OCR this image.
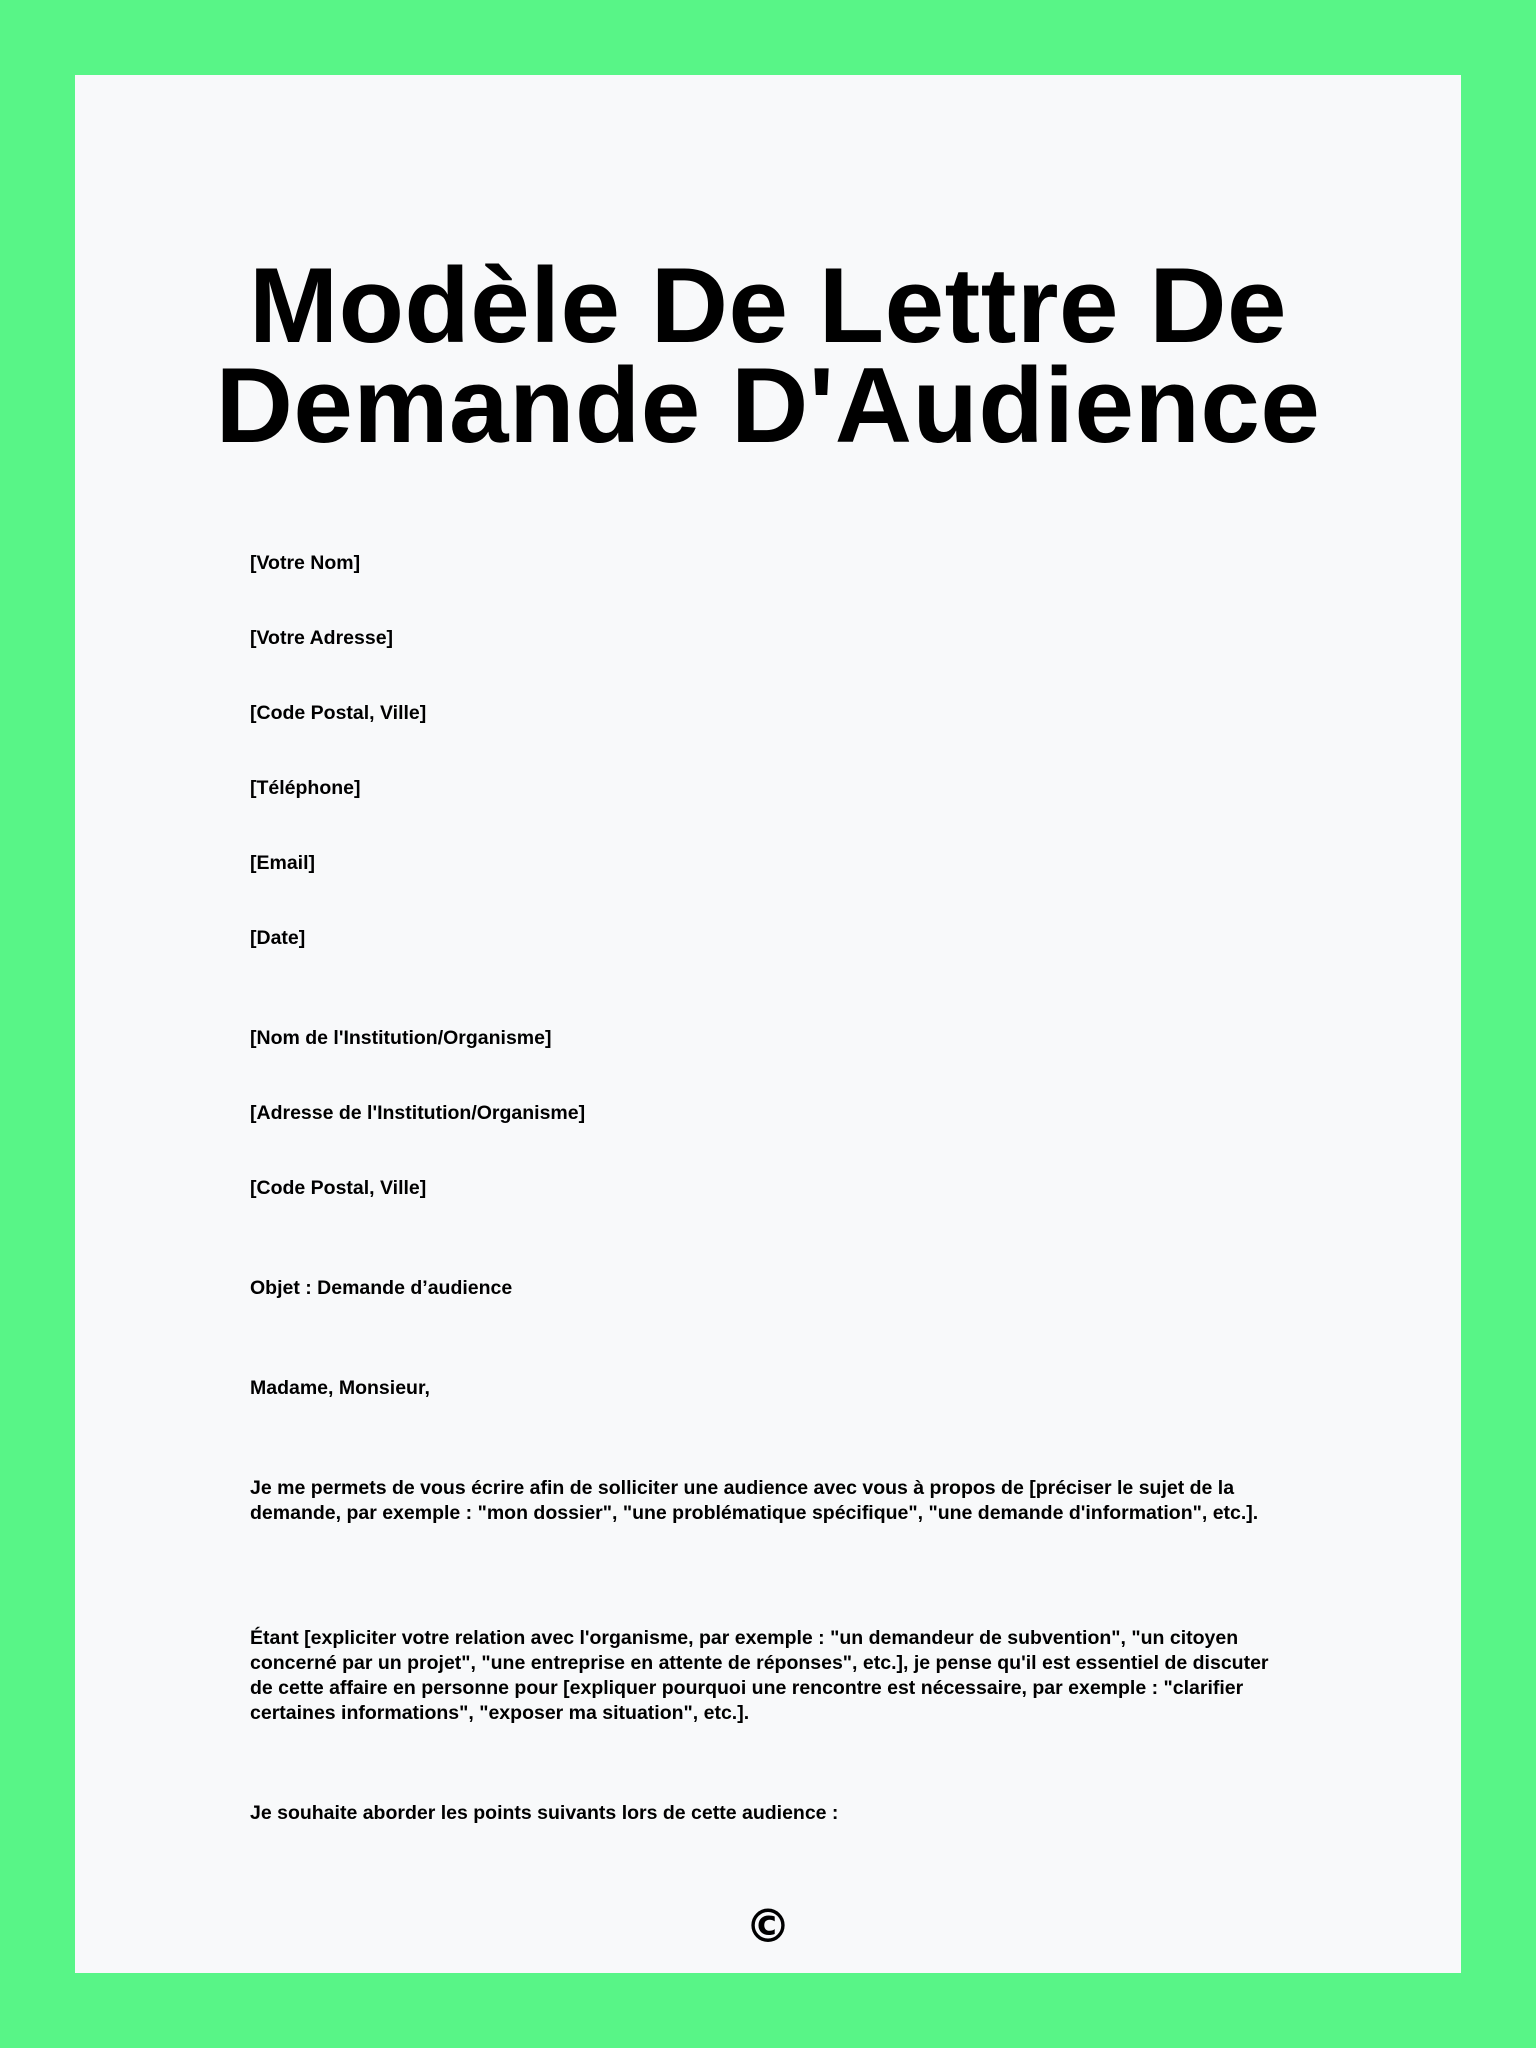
Modèle De Lettre De
Demande D'Audience

[Votre Nom]

[Votre Adresse]

[Code Postal, Ville]

[Téléphone]

[Email]

[Date]

[Nom de l'Institution/Organisme]

[Adresse de l'Institution/Organisme]

[Code Postal, Ville]

Objet : Demande d’audience

Madame, Monsieur,

Je me permets de vous écrire afin de solliciter une audience avec vous à propos de [préciser le sujet de la demande, par exemple : "mon dossier", "une problématique spécifique", "une demande d'information", etc.].

Étant [expliciter votre relation avec l'organisme, par exemple : "un demandeur de subvention", "un citoyen concerné par un projet", "une entreprise en attente de réponses", etc.], je pense qu'il est essentiel de discuter de cette affaire en personne pour [expliquer pourquoi une rencontre est nécessaire, par exemple : "clarifier certaines informations", "exposer ma situation", etc.].

Je souhaite aborder les points suivants lors de cette audience :

©
